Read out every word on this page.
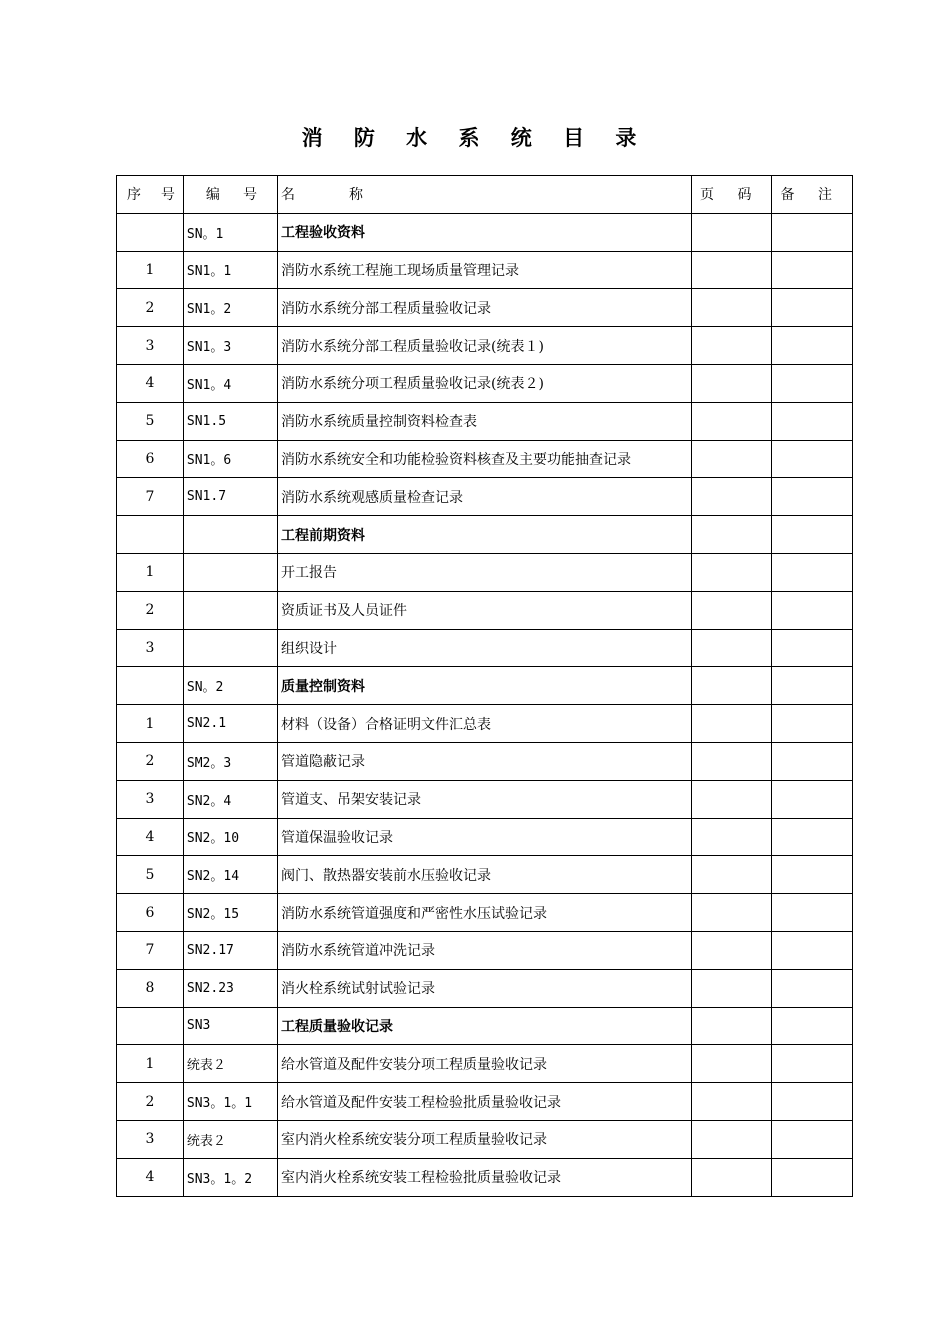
消 防 水 系 统 目 录
序号	编号	名称	页码	备注
	SN。1	工程验收资料		
1	SN1。1	消防水系统工程施工现场质量管理记录		
2	SN1。2	消防水系统分部工程质量验收记录		
3	SN1。3	消防水系统分部工程质量验收记录(统表１)		
4	SN1。4	消防水系统分项工程质量验收记录(统表２)		
5	SN1.5	消防水系统质量控制资料检查表		
6	SN1。6	消防水系统安全和功能检验资料核查及主要功能抽查记录		
7	SN1.7	消防水系统观感质量检查记录		
		工程前期资料		
1		开工报告		
2		资质证书及人员证件		
3		组织设计		
	SN。2	质量控制资料		
1	SN2.1	材料（设备）合格证明文件汇总表		
2	SM2。3	管道隐蔽记录		
3	SN2。4	管道支、吊架安装记录		
4	SN2。10	管道保温验收记录		
5	SN2。14	阀门、散热器安装前水压验收记录		
6	SN2。15	消防水系统管道强度和严密性水压试验记录		
7	SN2.17	消防水系统管道冲洗记录		
8	SN2.23	消火栓系统试射试验记录		
	SN3	工程质量验收记录		
1	统表２	给水管道及配件安装分项工程质量验收记录		
2	SN3。1。1	给水管道及配件安装工程检验批质量验收记录		
3	统表２	室内消火栓系统安装分项工程质量验收记录		
4	SN3。1。2	室内消火栓系统安装工程检验批质量验收记录		
